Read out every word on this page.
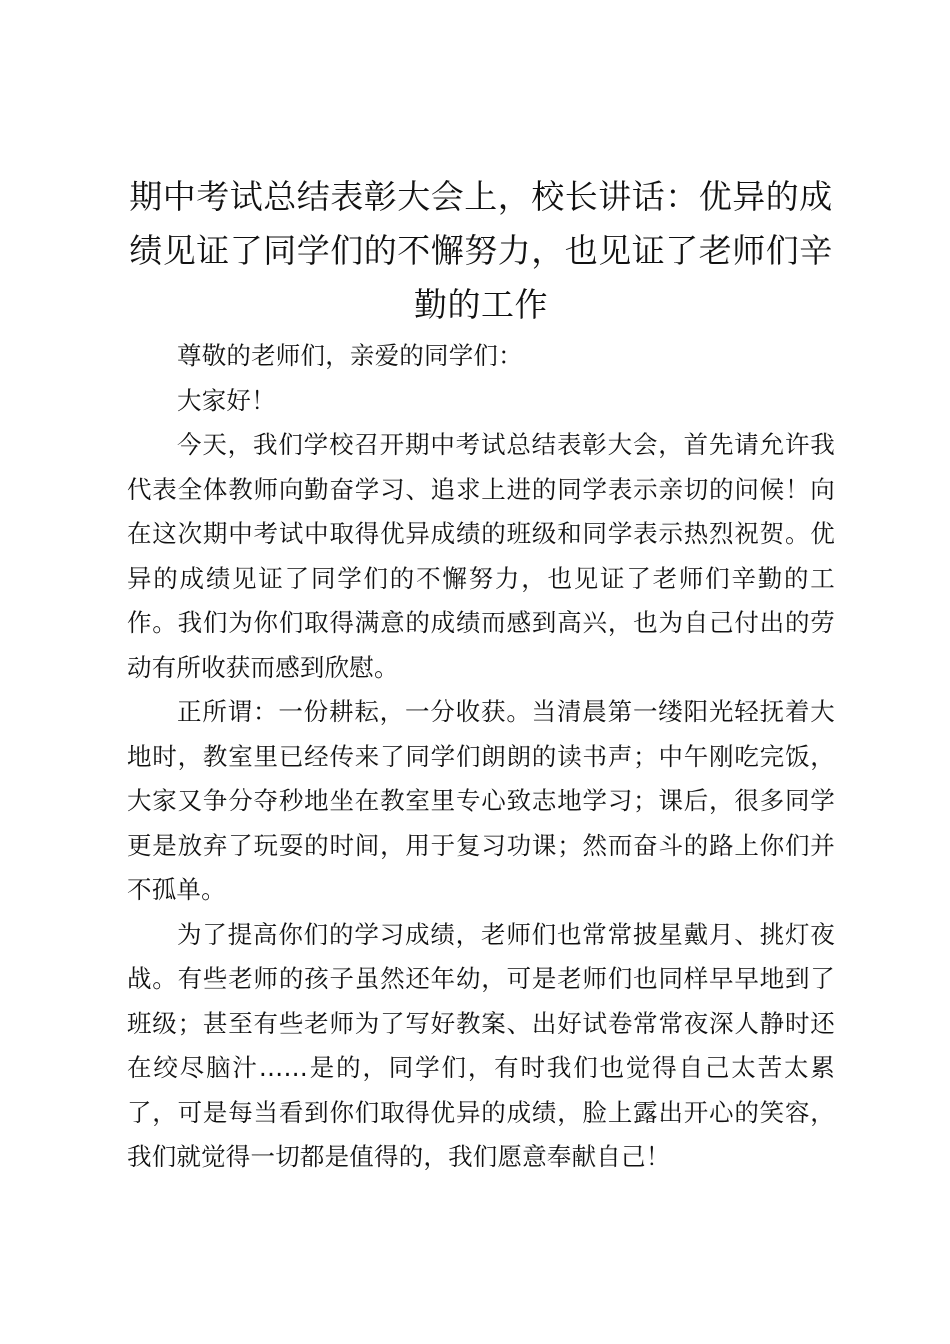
期中考试总结表彰大会上，校长讲话：优异的成绩见证了同学们的不懈努力，也见证了老师们辛勤的工作

尊敬的老师们，亲爱的同学们：

大家好！

今天，我们学校召开期中考试总结表彰大会，首先请允许我代表全体教师向勤奋学习、追求上进的同学表示亲切的问候！向在这次期中考试中取得优异成绩的班级和同学表示热烈祝贺。优异的成绩见证了同学们的不懈努力，也见证了老师们辛勤的工作。我们为你们取得满意的成绩而感到高兴，也为自己付出的劳动有所收获而感到欣慰。

正所谓：一份耕耘，一分收获。当清晨第一缕阳光轻抚着大地时，教室里已经传来了同学们朗朗的读书声；中午刚吃完饭，大家又争分夺秒地坐在教室里专心致志地学习；课后，很多同学更是放弃了玩耍的时间，用于复习功课；然而奋斗的路上你们并不孤单。

为了提高你们的学习成绩，老师们也常常披星戴月、挑灯夜战。有些老师的孩子虽然还年幼，可是老师们也同样早早地到了班级；甚至有些老师为了写好教案、出好试卷常常夜深人静时还在绞尽脑汁……是的，同学们，有时我们也觉得自己太苦太累了，可是每当看到你们取得优异的成绩，脸上露出开心的笑容，我们就觉得一切都是值得的，我们愿意奉献自己！
